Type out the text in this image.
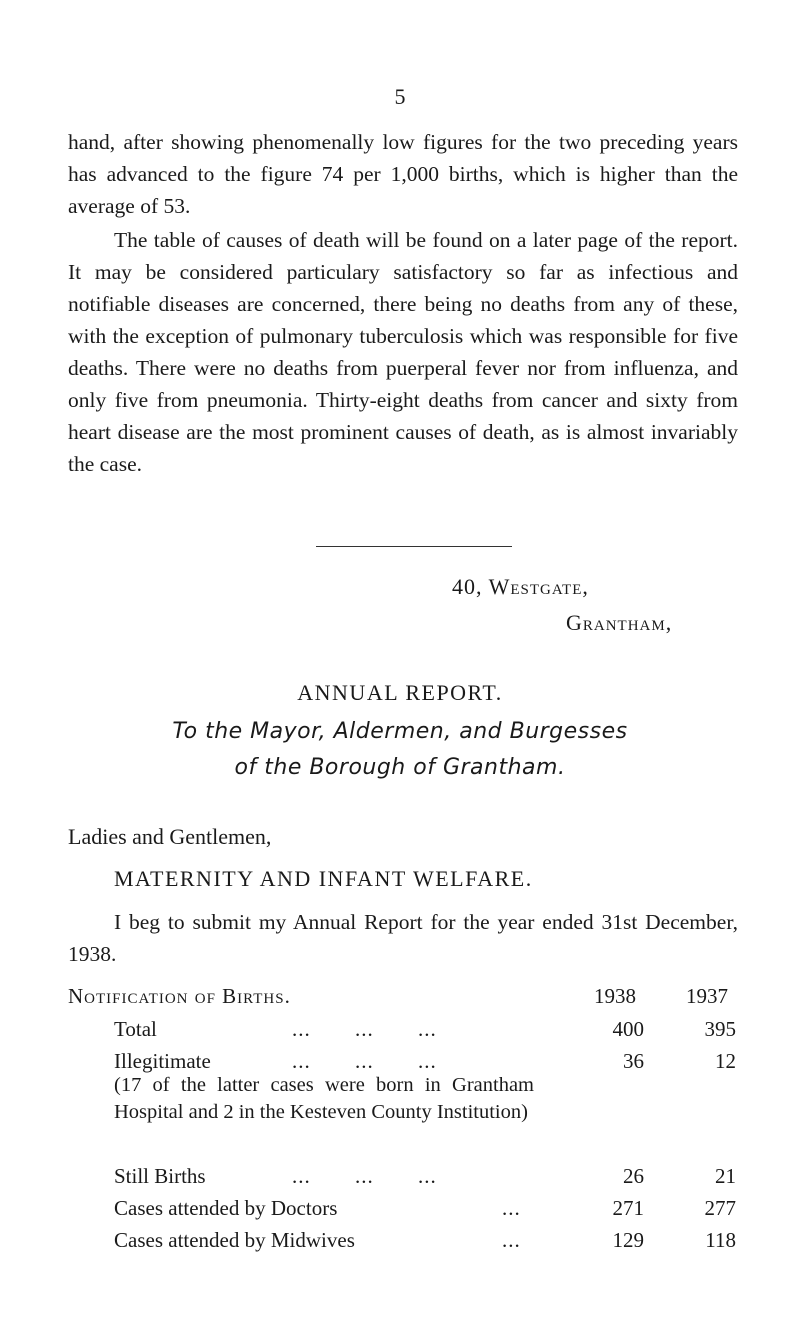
5

hand, after showing phenomenally low figures for the two preceding years has advanced to the figure 74 per 1,000 births, which is higher than the average of 53.

The table of causes of death will be found on a later page of the report. It may be considered particulary satisfactory so far as infectious and notifiable diseases are concerned, there being no deaths from any of these, with the exception of pulmonary tuberculosis which was responsible for five deaths. There were no deaths from puerperal fever nor from influenza, and only five from pneumonia. Thirty-eight deaths from cancer and sixty from heart disease are the most prominent causes of death, as is almost invariably the case.

40, Westgate,
Grantham,
ANNUAL REPORT.
To the Mayor, Aldermen, and Burgesses
of the Borough of Grantham.
Ladies and Gentlemen,
MATERNITY AND INFANT WELFARE.

I beg to submit my Annual Report for the year ended 31st December, 1938.

Notification of Births.	1938 1937
Total	... ... ...	400	395
Illegitimate	... ... ...	36	12
(17 of the latter cases were born in Grantham Hospital and 2 in the Kesteven County Institution)
Still Births	... ... ...	26	21
Cases attended by Doctors	...	271	277
Cases attended by Midwives	...	129	118
